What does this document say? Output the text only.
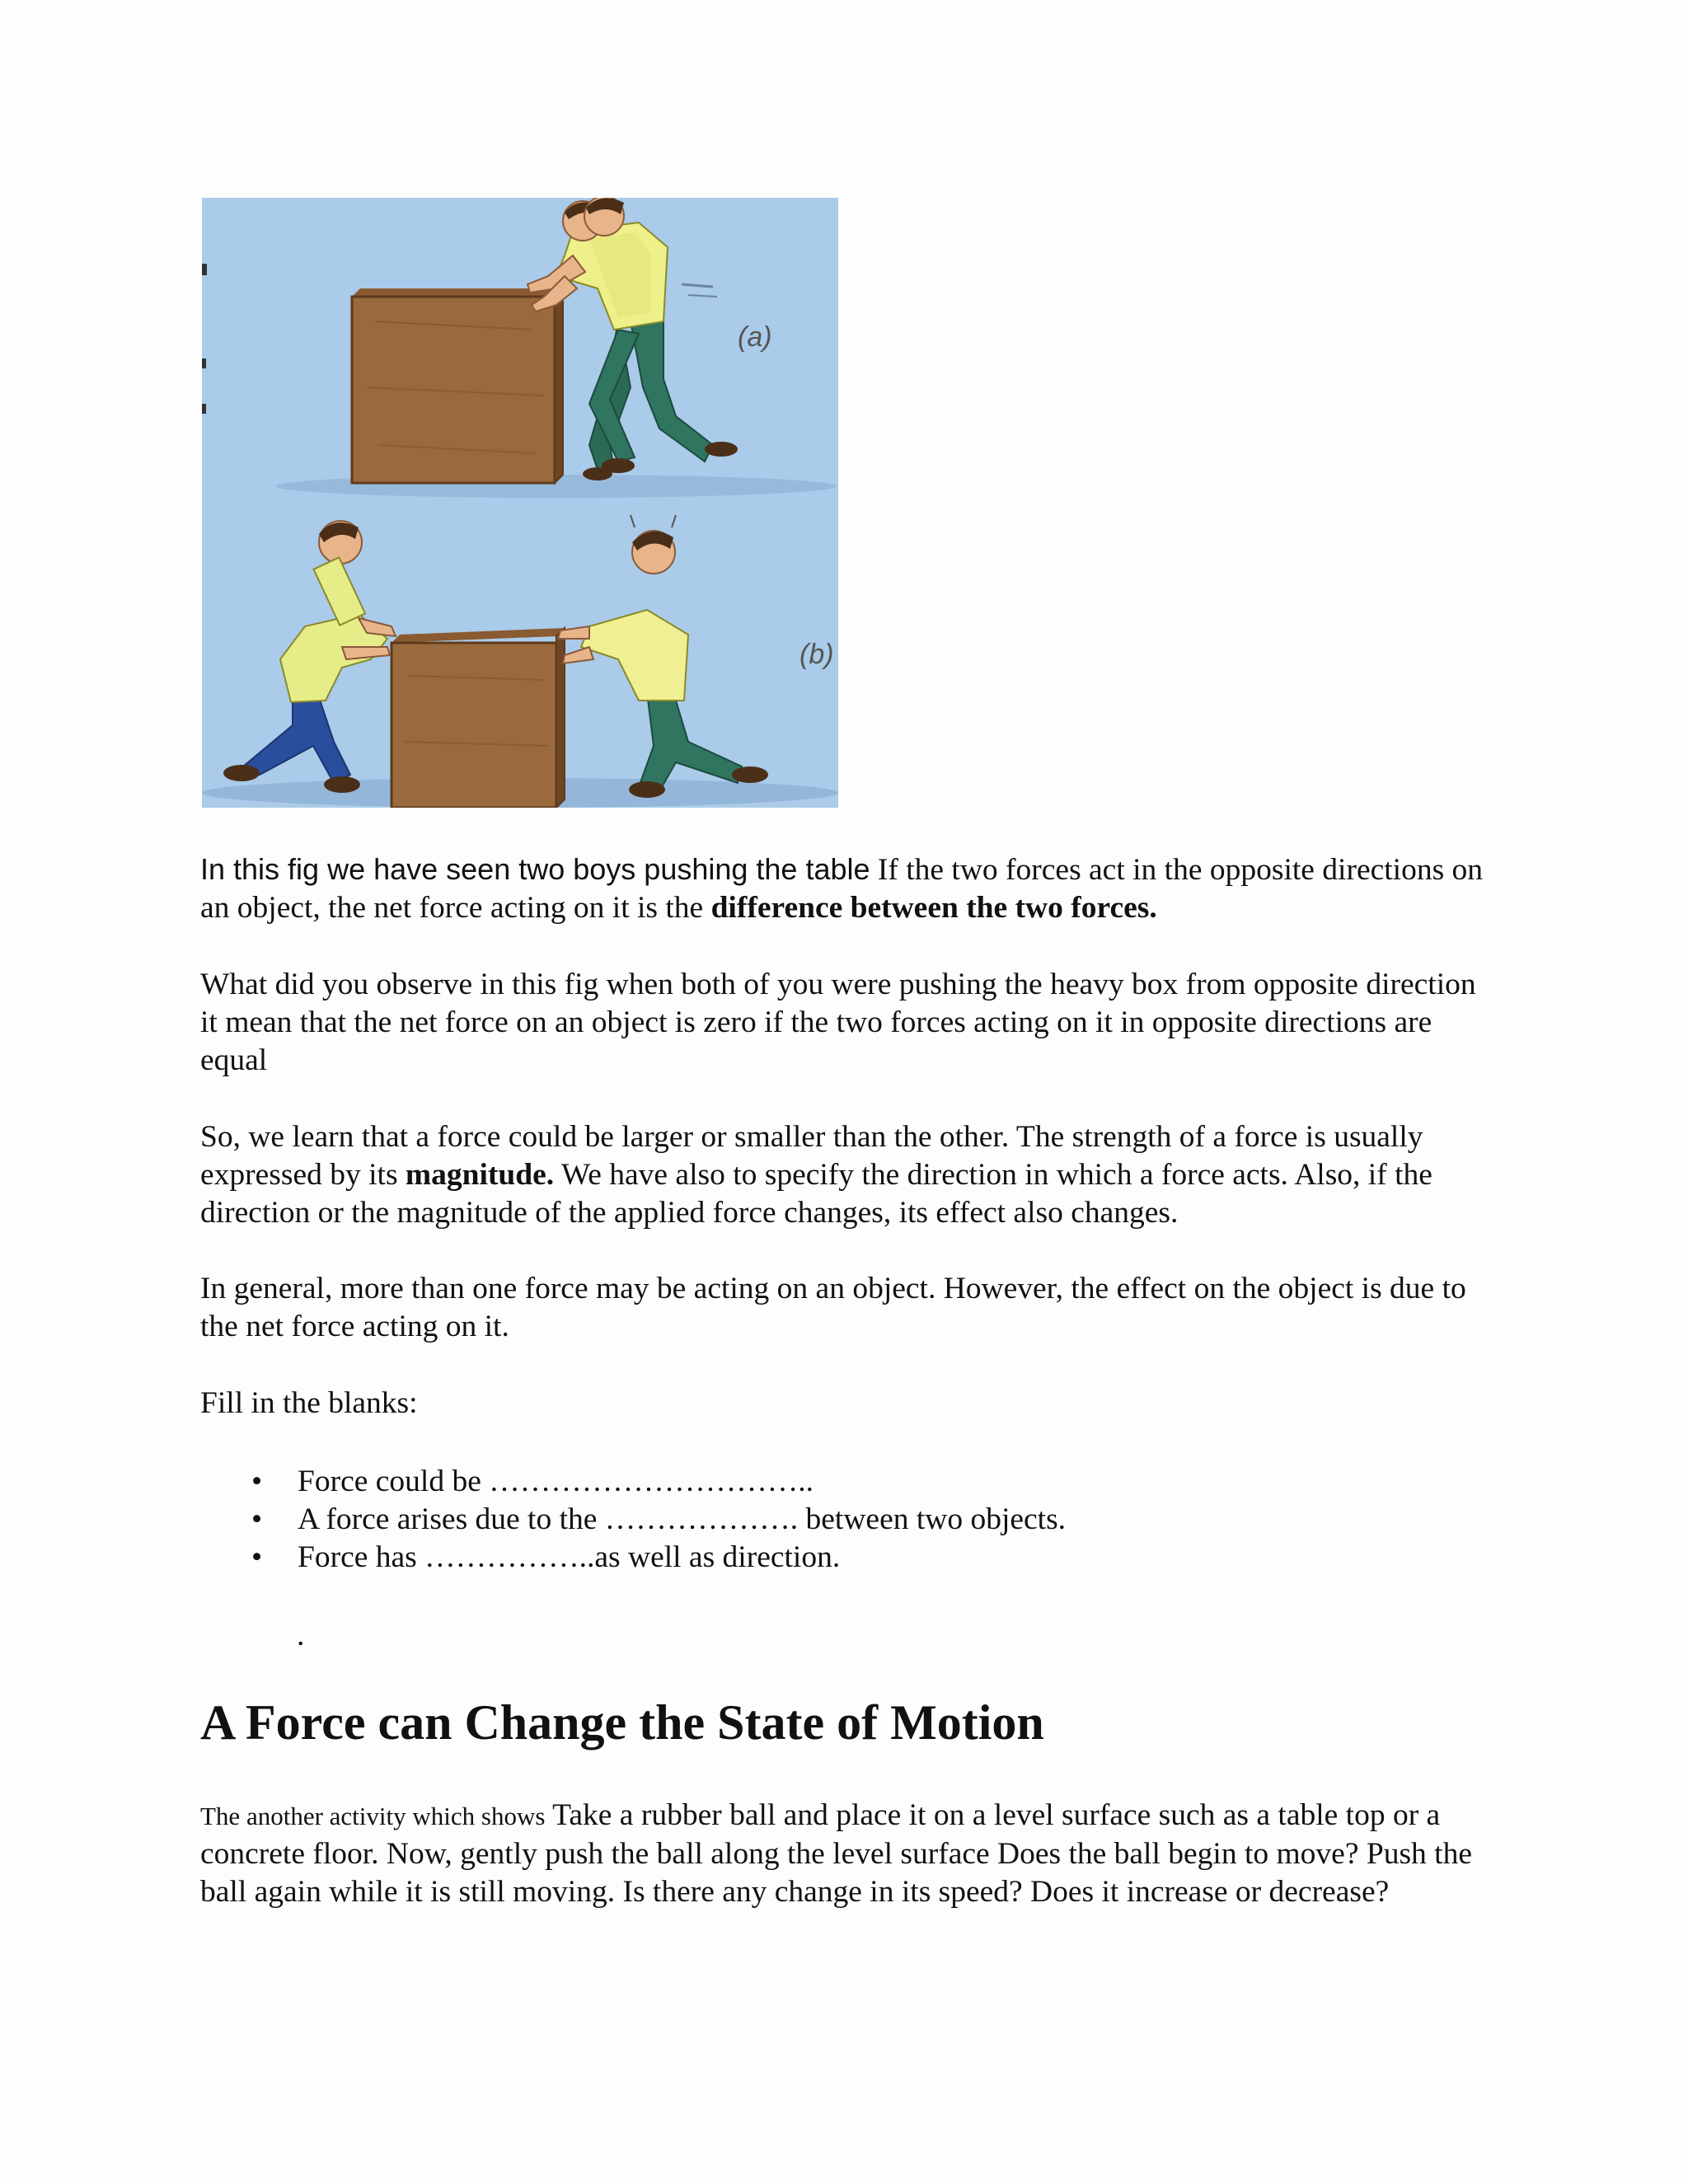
(a)
(b)

In this fig we have seen two boys pushing the table If the two forces act in the opposite directions on an object, the net force acting on it is the difference between the two forces.

What did you observe in this fig when both of you were pushing the heavy box from opposite direction it mean that the net force on an object is zero if the two forces acting on it in opposite directions are equal

So, we learn that a force could be larger or smaller than the other. The strength of a force is usually expressed by its magnitude. We have also to specify the direction in which a force acts. Also, if the direction or the magnitude of the applied force changes, its effect also changes.

In general, more than one force may be acting on an object. However, the effect on the object is due to the net force acting on it.

Fill in the blanks:

• Force could be …………………………..
• A force arises due to the ………………. between two objects.
• Force has ……………..as well as direction.
.
A Force can Change the State of Motion

The another activity which shows Take a rubber ball and place it on a level surface such as a table top or a concrete floor. Now, gently push the ball along the level surface Does the ball begin to move? Push the ball again while it is still moving. Is there any change in its speed? Does it increase or decrease?
